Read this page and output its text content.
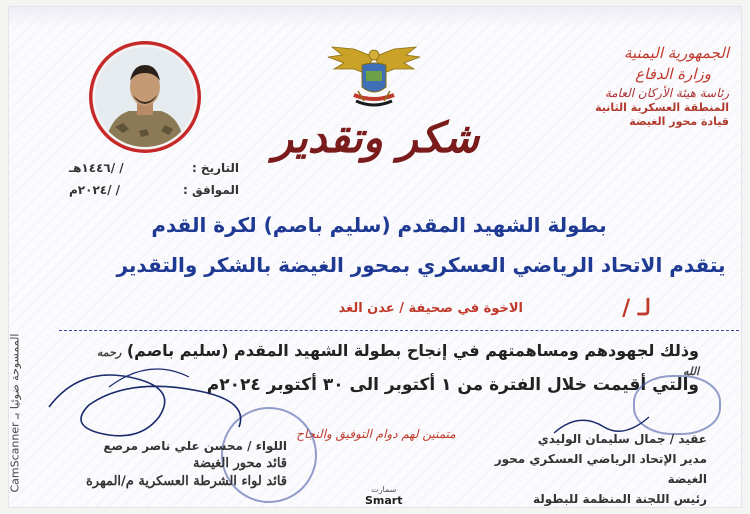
الجمهورية اليمنية
وزارة الدفاع
رئاسة هيئة الأركان العامة
المنطقة العسكرية الثانية
قيادة محور الغيضة
شكر وتقدير
التاريخ :
/ /١٤٤٦هـ
الموافق :
/ /٢٠٢٤م
بطولة الشهيد المقدم (سليم باصم) لكرة القدم
يتقدم الاتحاد الرياضي العسكري بمحور الغيضة بالشكر والتقدير
لـ /
الاخوة في صحيفة / عدن الغد
وذلك لجهودهم ومساهمتهم في إنجاح بطولة الشهيد المقدم (سليم باصم) رحمه الله
والتي أقيمت خلال الفترة من ١ أكتوبر الى ٣٠ أكتوبر ٢٠٢٤م
متمنين لهم دوام التوفيق والنجاح	عقيد / جمال سليمان الوليدي
مدير الإتحاد الرياضي العسكري محور الغيضة
رئيس اللجنة المنظمة للبطولة
اللواء / محسن علي ناصر مرصع
قائد محور الغيضة
قائد لواء الشرطة العسكرية م/المهرة
سمارت
Smart
الممسوحة ضوئيا بـ CamScanner
